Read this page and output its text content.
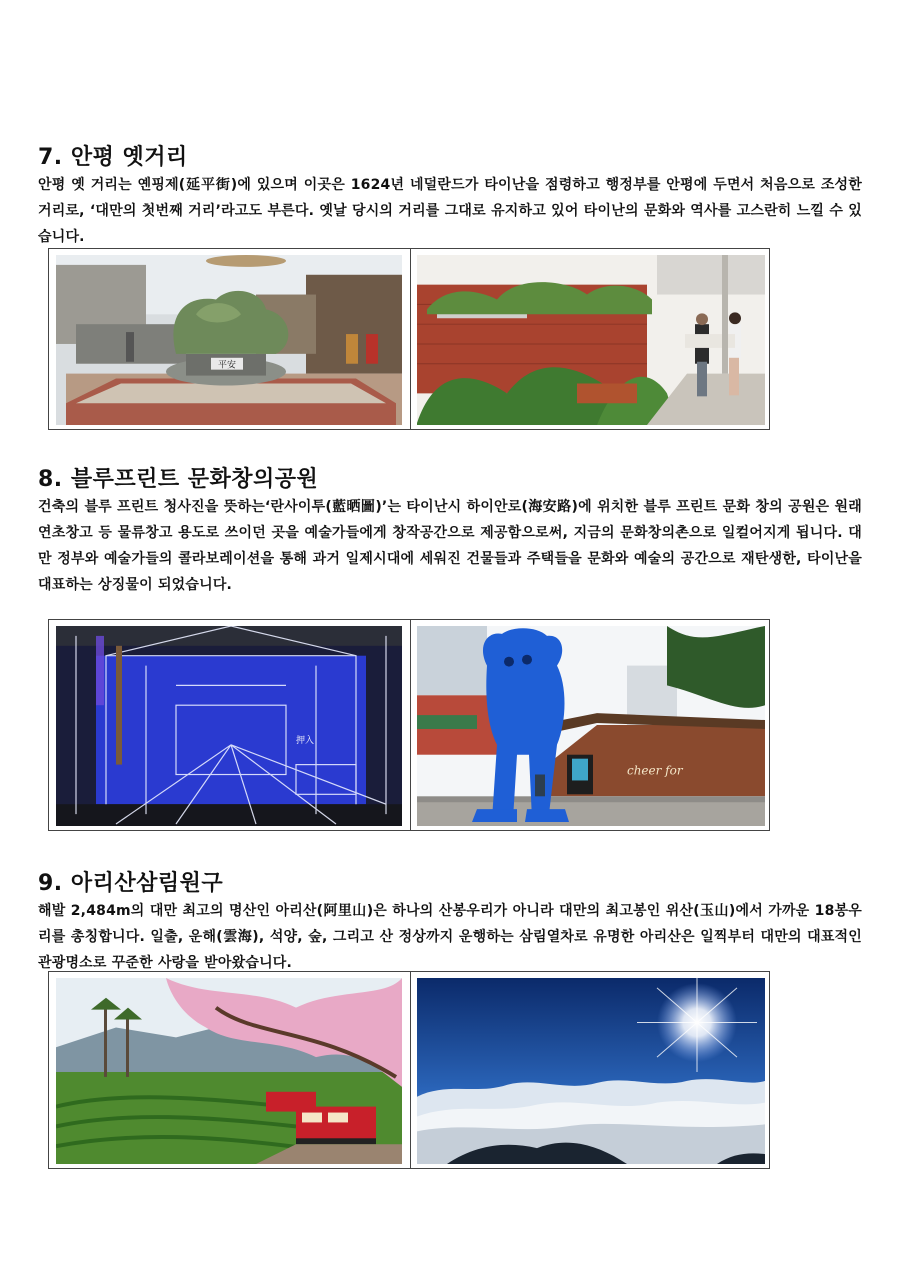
7. 안평 옛거리
안평 옛 거리는 옌핑제(延平街)에 있으며 이곳은 1624년 네덜란드가 타이난을 점령하고 행정부를 안평에 두면서 처음으로 조성한 거리로, ‘대만의 첫번째 거리’라고도 부른다. 옛날 당시의 거리를 그대로 유지하고 있어 타이난의 문화와 역사를 고스란히 느낄 수 있습니다.
平安
8. 블루프린트 문화창의공원
건축의 블루 프린트 청사진을 뜻하는‘란사이투(藍晒圖)’는 타이난시 하이안로(海安路)에 위치한 블루 프린트 문화 창의 공원은 원래 연초창고 등 물류창고 용도로 쓰이던 곳을 예술가들에게 창작공간으로 제공함으로써, 지금의 문화창의촌으로 일컬어지게 됩니다. 대만 정부와 예술가들의 콜라보레이션을 통해 과거 일제시대에 세워진 건물들과 주택들을 문화와 예술의 공간으로 재탄생한, 타이난을 대표하는 상징물이 되었습니다.
押入
cheer for
9. 아리산삼림원구
해발 2,484m의 대만 최고의 명산인 아리산(阿里山)은 하나의 산봉우리가 아니라 대만의 최고봉인 위산(玉山)에서 가까운 18봉우리를 총칭합니다. 일출, 운해(雲海), 석양, 숲, 그리고 산 정상까지 운행하는 삼림열차로 유명한 아리산은 일찍부터 대만의 대표적인 관광명소로 꾸준한 사랑을 받아왔습니다.
